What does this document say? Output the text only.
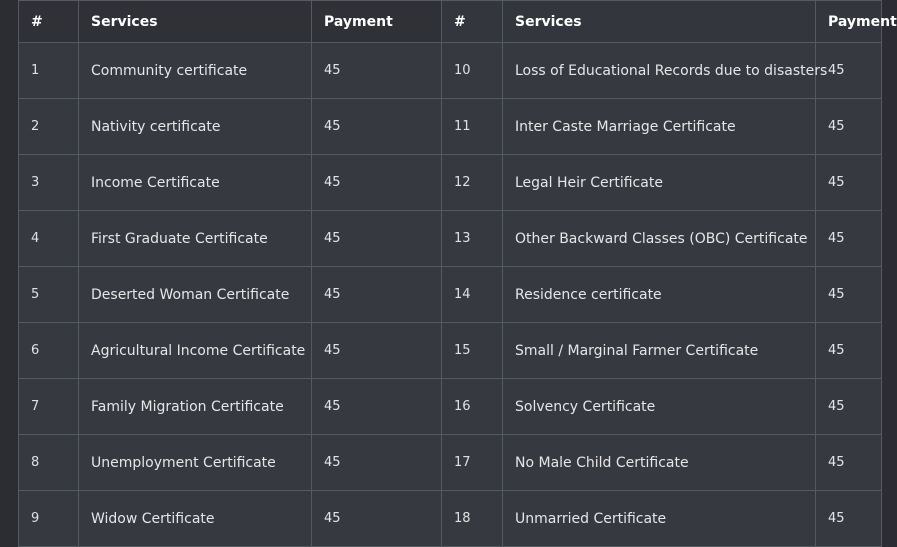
#	Services	Payment
1	Community certificate	45
2	Nativity certificate	45
3	Income Certificate	45
4	First Graduate Certificate	45
5	Deserted Woman Certificate	45
6	Agricultural Income Certificate	45
7	Family Migration Certificate	45
8	Unemployment Certificate	45
9	Widow Certificate	45
#	Services	Payment
10	Loss of Educational Records due to disasters	45
11	Inter Caste Marriage Certificate	45
12	Legal Heir Certificate	45
13	Other Backward Classes (OBC) Certificate	45
14	Residence certificate	45
15	Small / Marginal Farmer Certificate	45
16	Solvency Certificate	45
17	No Male Child Certificate	45
18	Unmarried Certificate	45
